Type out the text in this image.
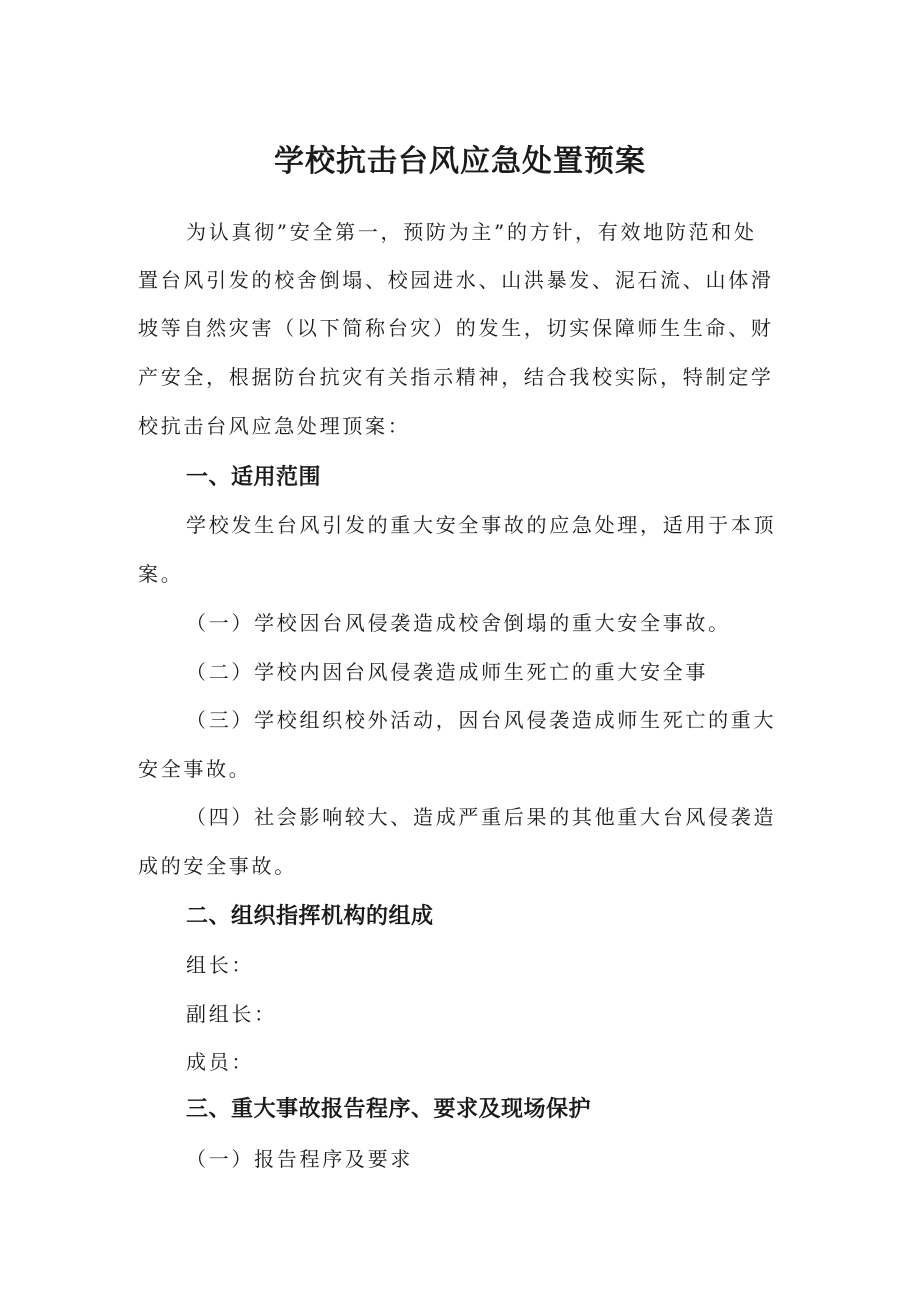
学校抗击台风应急处置预案
为认真彻”安全第一，预防为主”的方针，有效地防范和处
置台风引发的校舍倒塌、校园进水、山洪暴发、泥石流、山体滑
坡等自然灾害（以下简称台灾）的发生，切实保障师生生命、财
产安全，根据防台抗灾有关指示精神，结合我校实际，特制定学
校抗击台风应急处理顶案：
一、适用范围
学校发生台风引发的重大安全事故的应急处理，适用于本顶
案。
（一）学校因台风侵袭造成校舍倒塌的重大安全事故。
（二）学校内因台风侵袭造成师生死亡的重大安全事
（三）学校组织校外活动，因台风侵袭造成师生死亡的重大
安全事故。
（四）社会影响较大、造成严重后果的其他重大台风侵袭造
成的安全事故。
二、组织指挥机构的组成
组长：
副组长：
成员：
三、重大事故报告程序、要求及现场保护
（一）报告程序及要求
